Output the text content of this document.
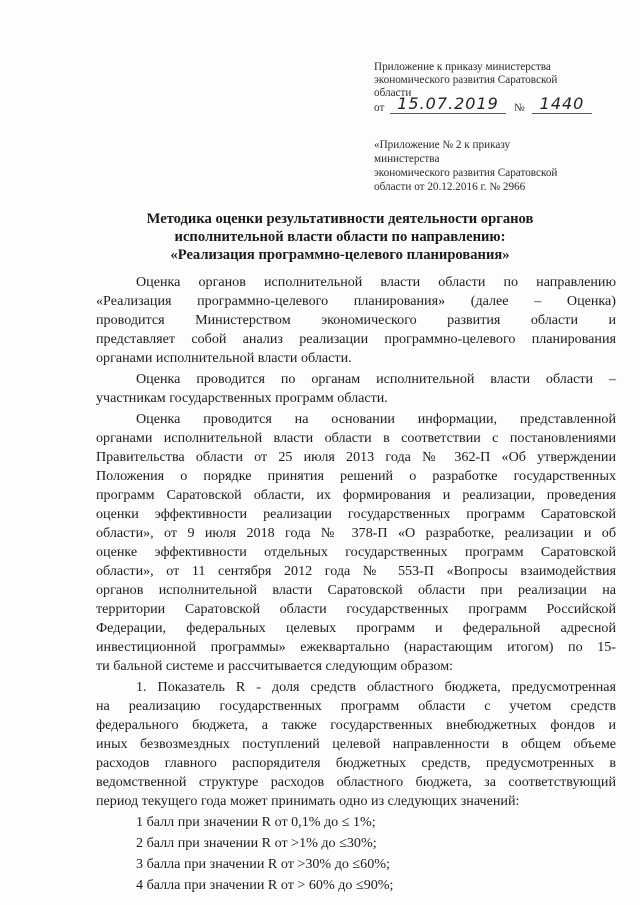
Приложение к приказу министерства
экономического развития Саратовской
области
от 15.07.2019	№ 1440
«Приложение № 2 к приказу
министерства
экономического развития Саратовской
области от 20.12.2016 г. № 2966
Методика оценки результативности деятельности органов
исполнительной власти области по направлению:
«Реализация программно-целевого планирования»
Оценка органов исполнительной власти области по направлению
«Реализация программно-целевого планирования» (далее – Оценка)
проводится Министерством экономического развития области и
представляет собой анализ реализации программно-целевого планирования
органами исполнительной власти области.
Оценка проводится по органам исполнительной власти области –
участникам государственных программ области.
Оценка проводится на основании информации, представленной
органами исполнительной власти области в соответствии с постановлениями
Правительства области от 25 июля 2013 года № 362-П «Об утверждении
Положения о порядке принятия решений о разработке государственных
программ Саратовской области, их формирования и реализации, проведения
оценки эффективности реализации государственных программ Саратовской
области», от 9 июля 2018 года № 378-П «О разработке, реализации и об
оценке эффективности отдельных государственных программ Саратовской
области», от 11 сентября 2012 года № 553-П «Вопросы взаимодействия
органов исполнительной власти Саратовской области при реализации на
территории Саратовской области государственных программ Российской
Федерации, федеральных целевых программ и федеральной адресной
инвестиционной программы» ежеквартально (нарастающим итогом) по 15-
ти бальной системе и рассчитывается следующим образом:
1. Показатель R - доля средств областного бюджета, предусмотренная
на реализацию государственных программ области с учетом средств
федерального бюджета, а также государственных внебюджетных фондов и
иных безвозмездных поступлений целевой направленности в общем объеме
расходов главного распорядителя бюджетных средств, предусмотренных в
ведомственной структуре расходов областного бюджета, за соответствующий
период текущего года может принимать одно из следующих значений:
1 балл при значении R от 0,1% до ≤ 1%;
2 балл при значении R от >1% до ≤30%;
3 балла при значении R от >30% до ≤60%;
4 балла при значении R от > 60% до ≤90%;
